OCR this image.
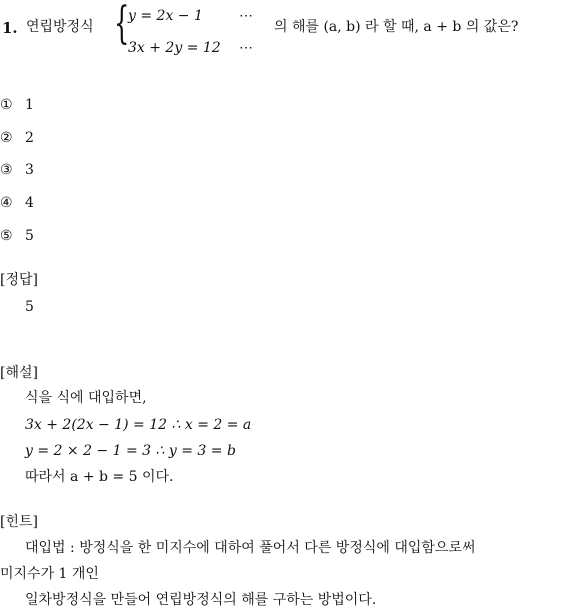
1. 연립방정식 {
y = 2x − 1	⋯
3x + 2y = 12 ⋯
의 해를 (a, b) 라 할 때, a + b 의 값은?
① 1
② 2
③ 3
④ 4
⑤ 5
[정답]
5
[해설]
식을 식에 대입하면,
3x + 2(2x − 1) = 12 ∴ x = 2 = a
y = 2 × 2 − 1 = 3 ∴ y = 3 = b
따라서 a + b = 5 이다.
[힌트]
대입법 : 방정식을 한 미지수에 대하여 풀어서 다른 방정식에 대입함으로써
미지수가 1 개인
일차방정식을 만들어 연립방정식의 해를 구하는 방법이다.
